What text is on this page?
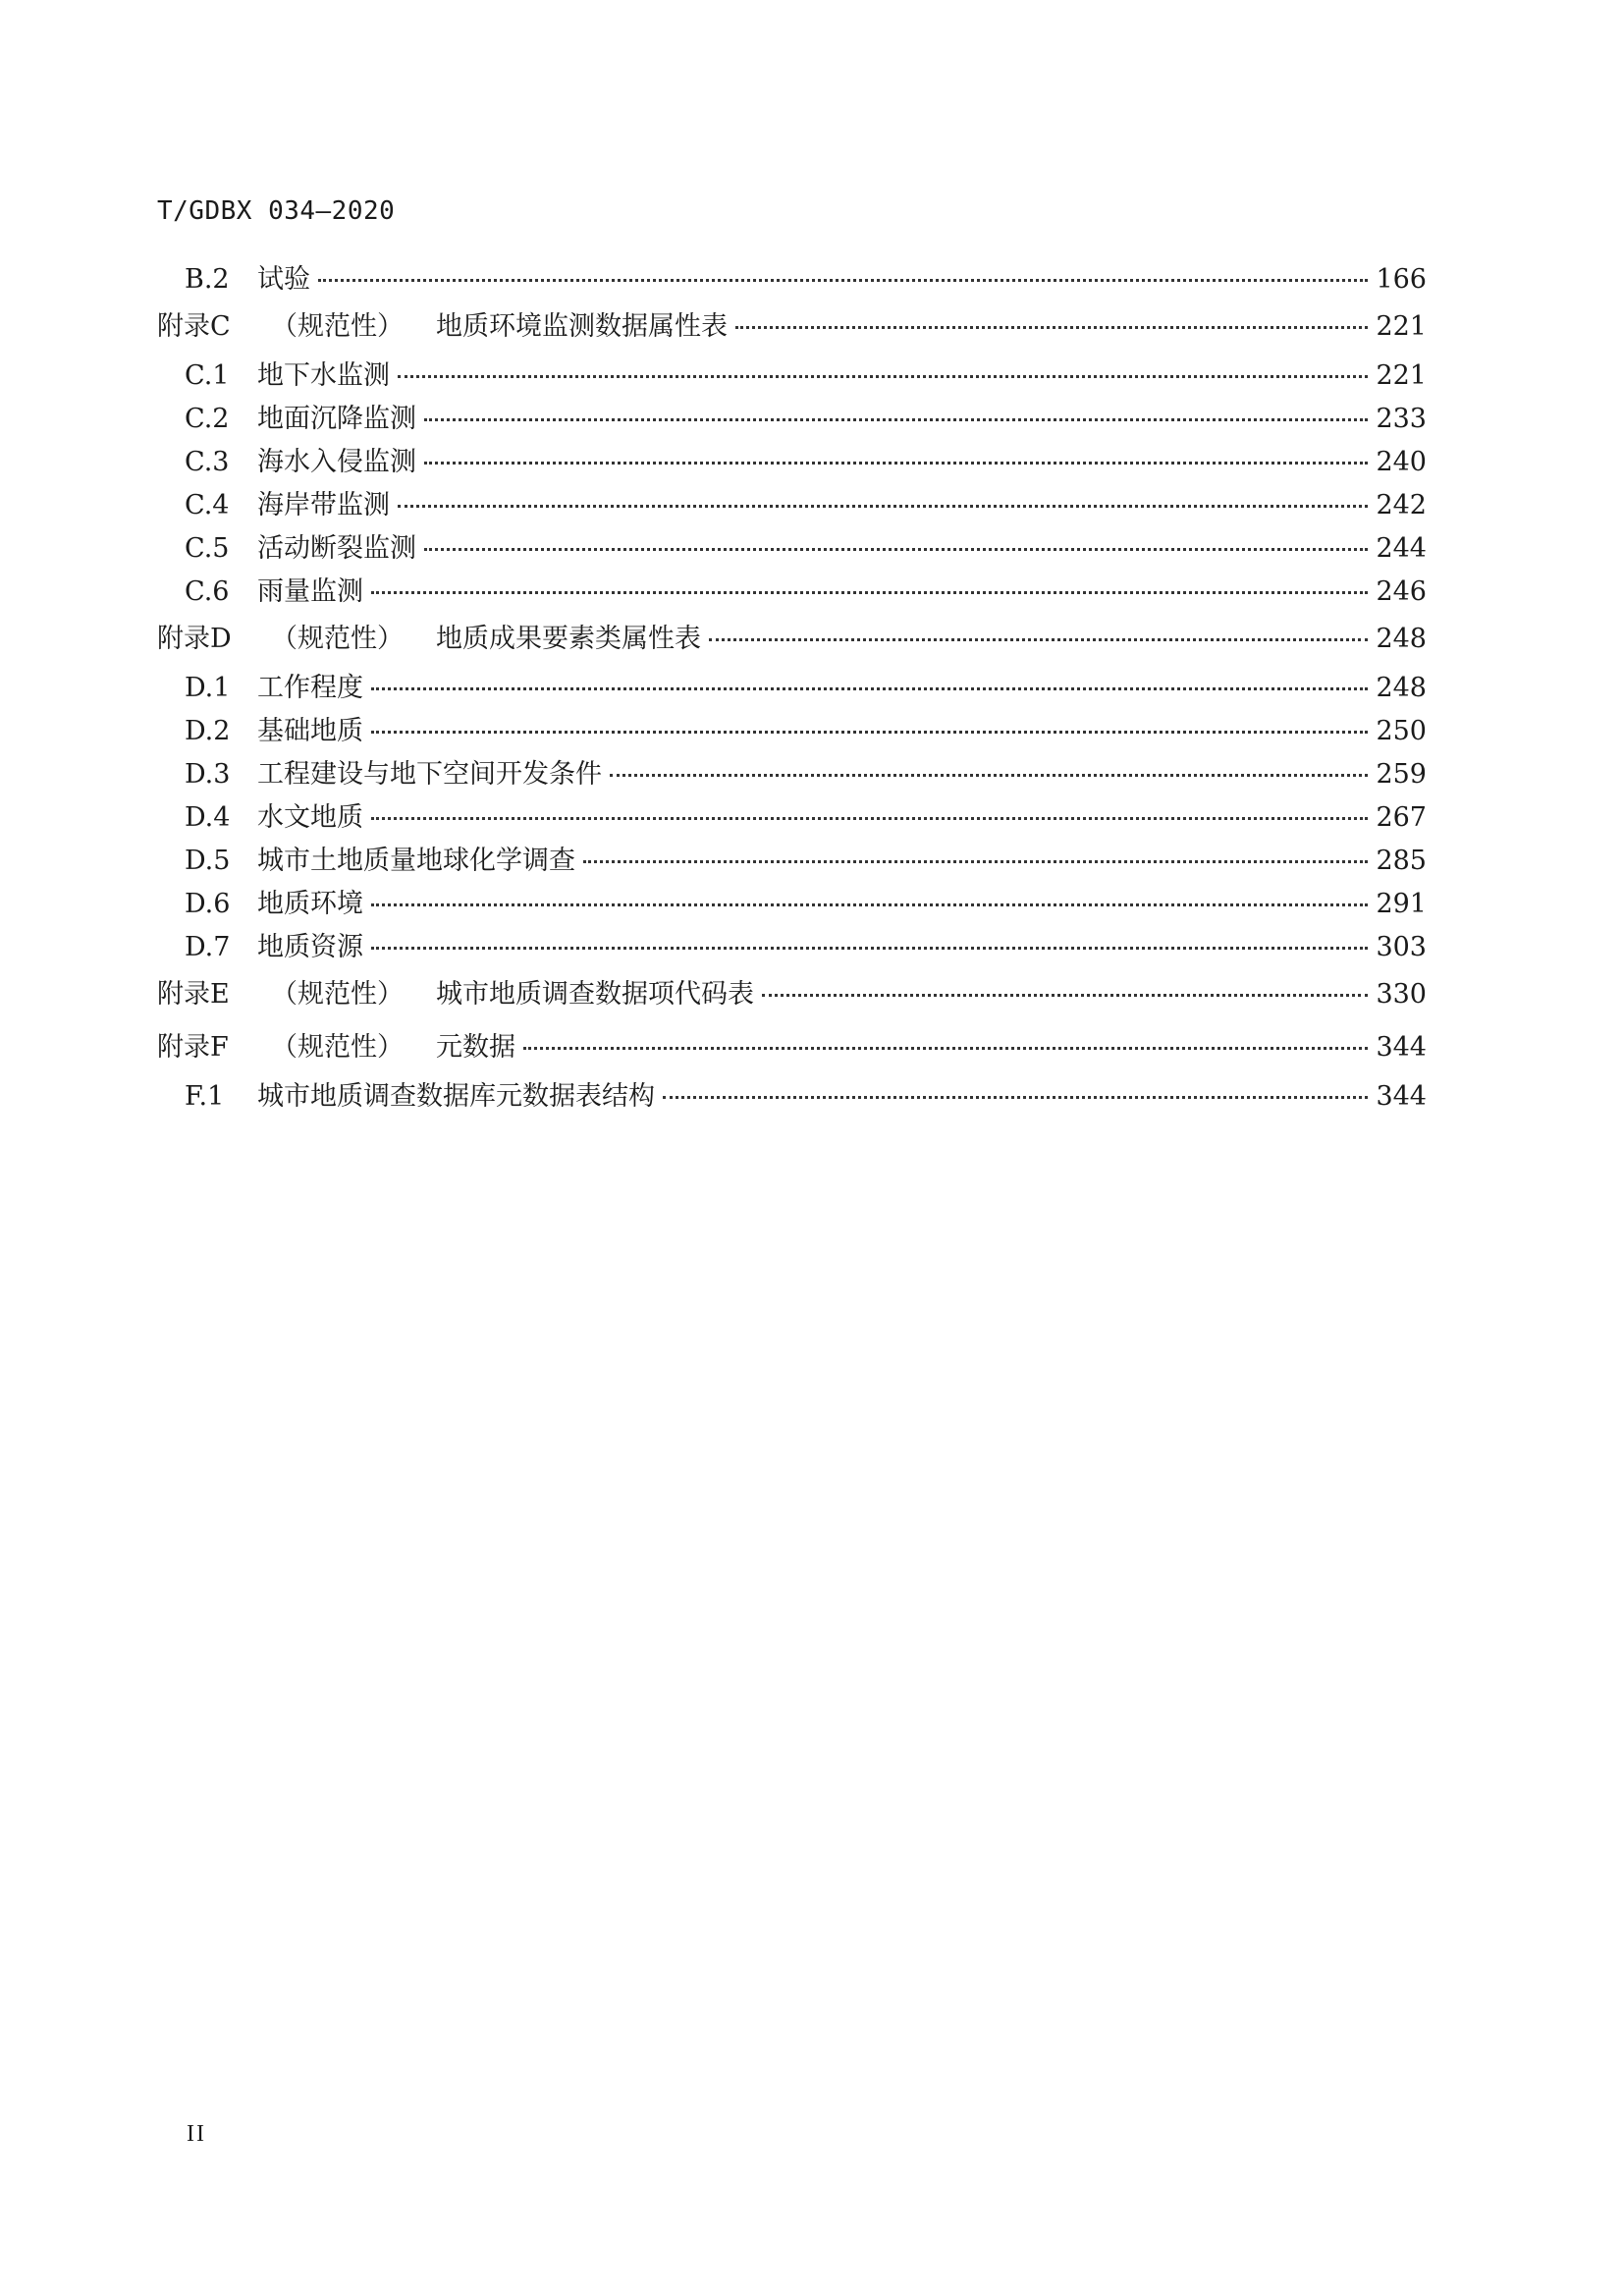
T/GDBX 034—2020
B.2	试验	166
附录C	（规范性）	地质环境监测数据属性表	221
C.1	地下水监测	221
C.2	地面沉降监测	233
C.3	海水入侵监测	240
C.4	海岸带监测	242
C.5	活动断裂监测	244
C.6	雨量监测	246
附录D	（规范性）	地质成果要素类属性表	248
D.1	工作程度	248
D.2	基础地质	250
D.3	工程建设与地下空间开发条件	259
D.4	水文地质	267
D.5	城市土地质量地球化学调查	285
D.6	地质环境	291
D.7	地质资源	303
附录E	（规范性）	城市地质调查数据项代码表	330
附录F	（规范性）	元数据	344
F.1	城市地质调查数据库元数据表结构	344
II
